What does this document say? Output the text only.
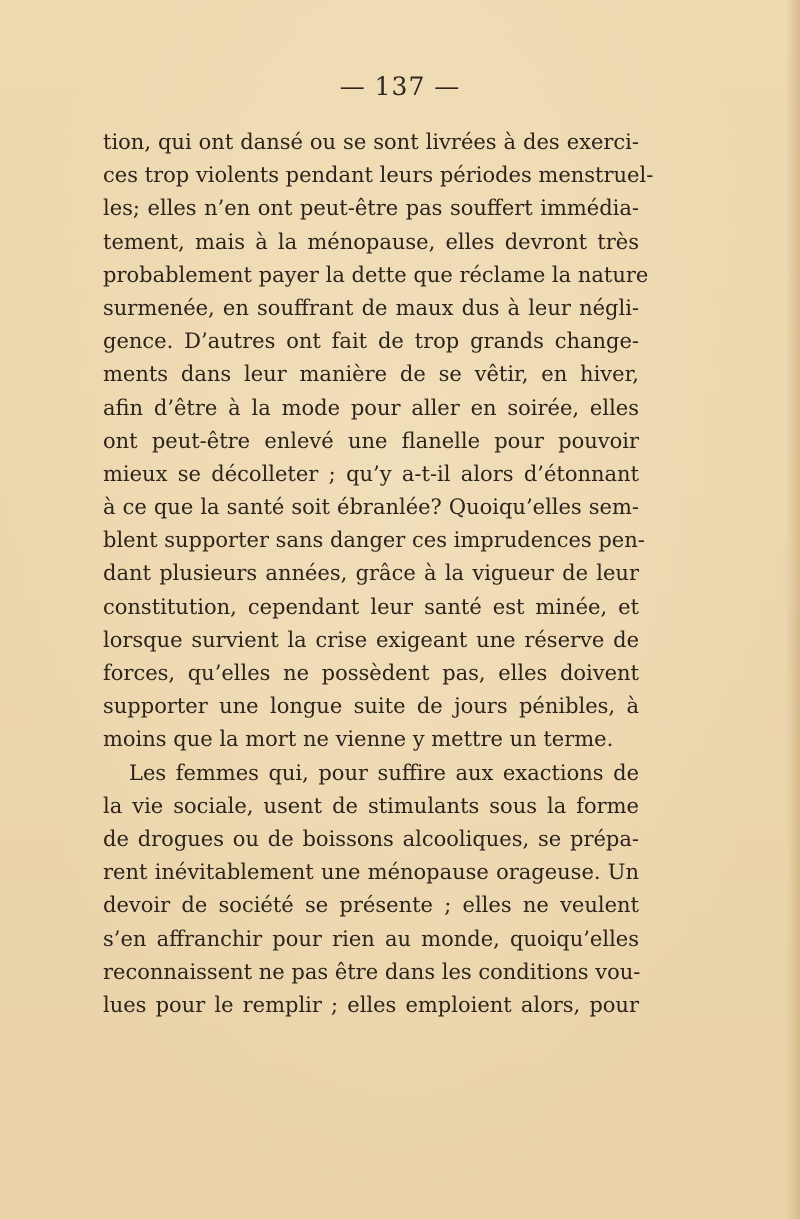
— 137 —
tion, qui ont dansé ou se sont livrées à des exerci-
ces trop violents pendant leurs périodes menstruel-
les; elles n’en ont peut-être pas souffert immédia-
tement, mais à la ménopause, elles devront très
probablement payer la dette que réclame la nature
surmenée, en souffrant de maux dus à leur négli-
gence. D’autres ont fait de trop grands change-
ments dans leur manière de se vêtir, en hiver,
afin d’être à la mode pour aller en soirée, elles
ont peut-être enlevé une flanelle pour pouvoir
mieux se décolleter ; qu’y a-t-il alors d’étonnant
à ce que la santé soit ébranlée? Quoiqu’elles sem-
blent supporter sans danger ces imprudences pen-
dant plusieurs années, grâce à la vigueur de leur
constitution, cependant leur santé est minée, et
lorsque survient la crise exigeant une réserve de
forces, qu’elles ne possèdent pas, elles doivent
supporter une longue suite de jours pénibles, à
moins que la mort ne vienne y mettre un terme.
Les femmes qui, pour suffire aux exactions de
la vie sociale, usent de stimulants sous la forme
de drogues ou de boissons alcooliques, se prépa-
rent inévitablement une ménopause orageuse. Un
devoir de société se présente ; elles ne veulent
s’en affranchir pour rien au monde, quoiqu’elles
reconnaissent ne pas être dans les conditions vou-
lues pour le remplir ; elles emploient alors, pour
